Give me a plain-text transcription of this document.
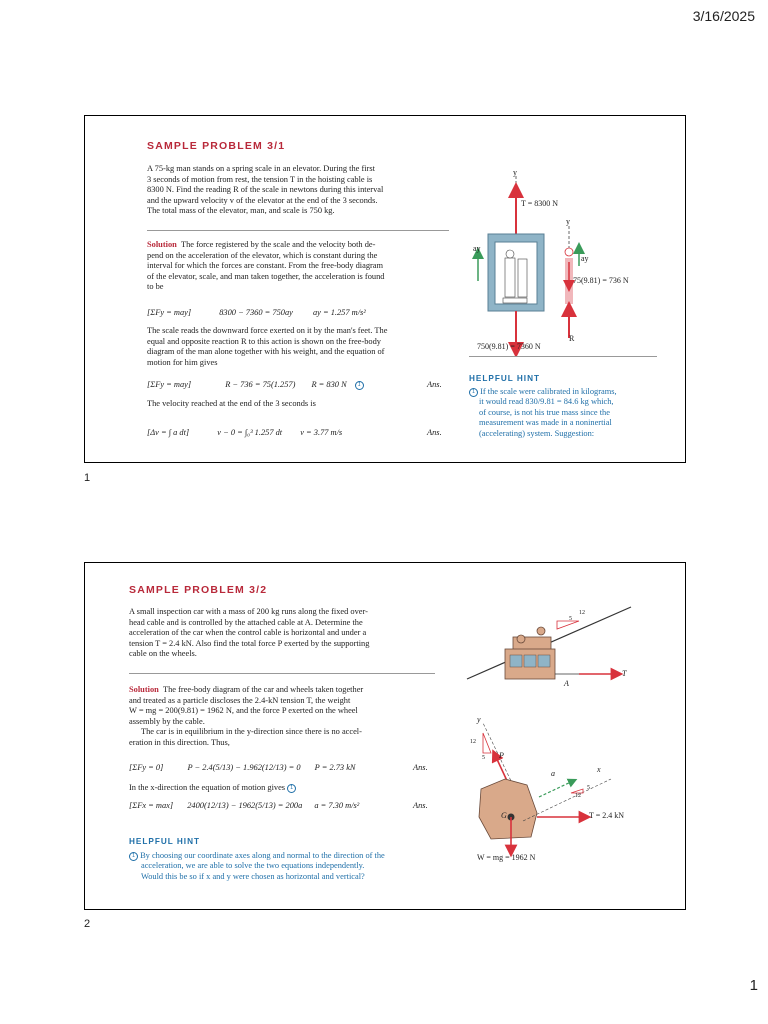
3/16/2025
SAMPLE PROBLEM 3/1

A 75-kg man stands on a spring scale in an elevator. During the first

3 seconds of motion from rest, the tension T in the hoisting cable is

8300 N. Find the reading R of the scale in newtons during this interval

and the upward velocity v of the elevator at the end of the 3 seconds.

The total mass of the elevator, man, and scale is 750 kg.

Solution The force registered by the scale and the velocity both de-

pend on the acceleration of the elevator, which is constant during the

interval for which the forces are constant. From the free-body diagram

of the elevator, scale, and man taken together, the acceleration is found

to be

[ΣFy = may]	8300 − 7360 = 750ay ay = 1.257 m/s²

The scale reads the downward force exerted on it by the man's feet. The

equal and opposite reaction R to this action is shown on the free-body

diagram of the man alone together with his weight, and the equation of

motion for him gives

[ΣFy = may]	R − 736 = 75(1.257) R = 830 N 1	Ans.
The velocity reached at the end of the 3 seconds is
[Δv = ∫ a dt]	v − 0 = ∫₀³ 1.257 dt v = 3.77 m/s	Ans.
y
T = 8300 N
y
ay
ay
75(9.81) = 736 N
R
750(9.81) = 7360 N
HELPFUL HINT

1 If the scale were calibrated in kilograms,

it would read 830/9.81 = 84.6 kg which,

of course, is not his true mass since the

measurement was made in a noninertial

(accelerating) system. Suggestion:

1
SAMPLE PROBLEM 3/2

A small inspection car with a mass of 200 kg runs along the fixed over-

head cable and is controlled by the attached cable at A. Determine the

acceleration of the car when the control cable is horizontal and under a

tension T = 2.4 kN. Also find the total force P exerted by the supporting

cable on the wheels.

Solution The free-body diagram of the car and wheels taken together

and treated as a particle discloses the 2.4-kN tension T, the weight

W = mg = 200(9.81) = 1962 N, and the force P exerted on the wheel

assembly by the cable.

The car is in equilibrium in the y-direction since there is no accel-

eration in this direction. Thus,

[ΣFy = 0]	P − 2.4(5/13) − 1.962(12/13) = 0 P = 2.73 kN	Ans.
In the x-direction the equation of motion gives 1
[ΣFx = max] 2400(12/13) − 1962(5/13) = 200a a = 7.30 m/s²	Ans.
HELPFUL HINT

1 By choosing our coordinate axes along and normal to the direction of the

acceleration, we are able to solve the two equations independently.

Would this be so if x and y were chosen as horizontal and vertical?

12
5
A
T
y
P
12
5
x
a
5
12
G	T = 2.4 kN
W = mg = 1962 N
2
1
